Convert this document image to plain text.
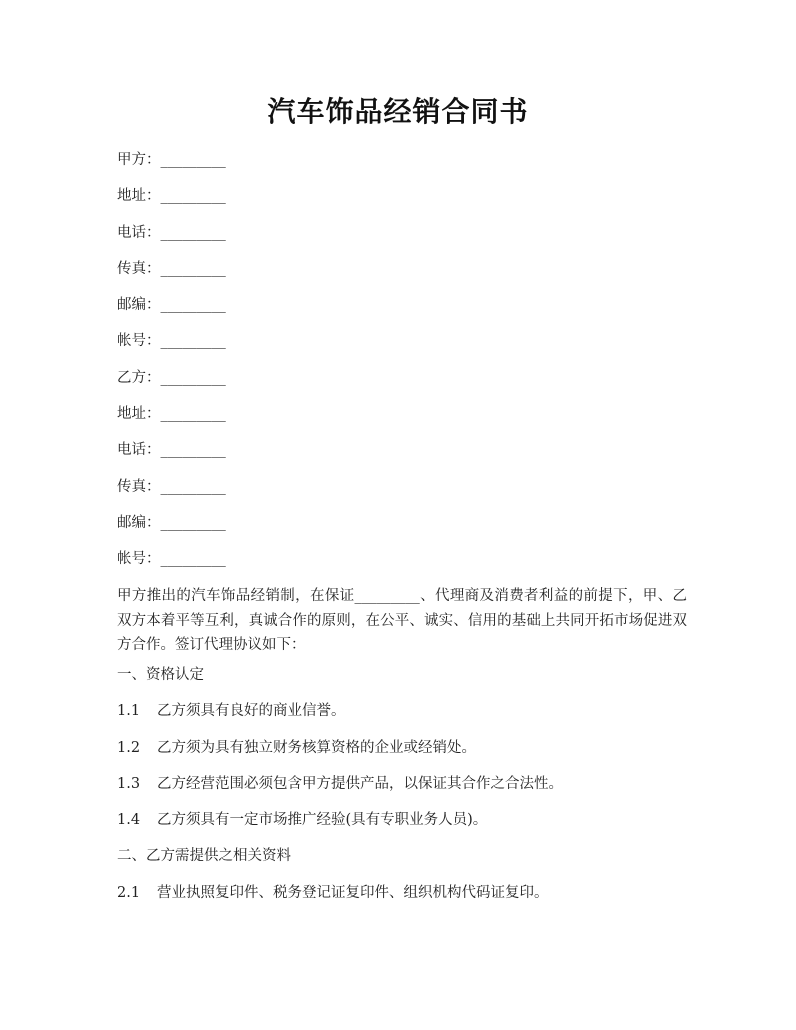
汽车饰品经销合同书
甲方：_________
地址：_________
电话：_________
传真：_________
邮编：_________
帐号：_________
乙方：_________
地址：_________
电话：_________
传真：_________
邮编：_________
帐号：_________
甲方推出的汽车饰品经销制，在保证_________、代理商及消费者利益的前提下，甲、乙双方本着平等互利，真诚合作的原则，在公平、诚实、信用的基础上共同开拓市场促进双方合作。签订代理协议如下：
一、资格认定
1.1 乙方须具有良好的商业信誉。
1.2 乙方须为具有独立财务核算资格的企业或经销处。
1.3 乙方经营范围必须包含甲方提供产品，以保证其合作之合法性。
1.4 乙方须具有一定市场推广经验(具有专职业务人员)。
二、乙方需提供之相关资料
2.1 营业执照复印件、税务登记证复印件、组织机构代码证复印。
